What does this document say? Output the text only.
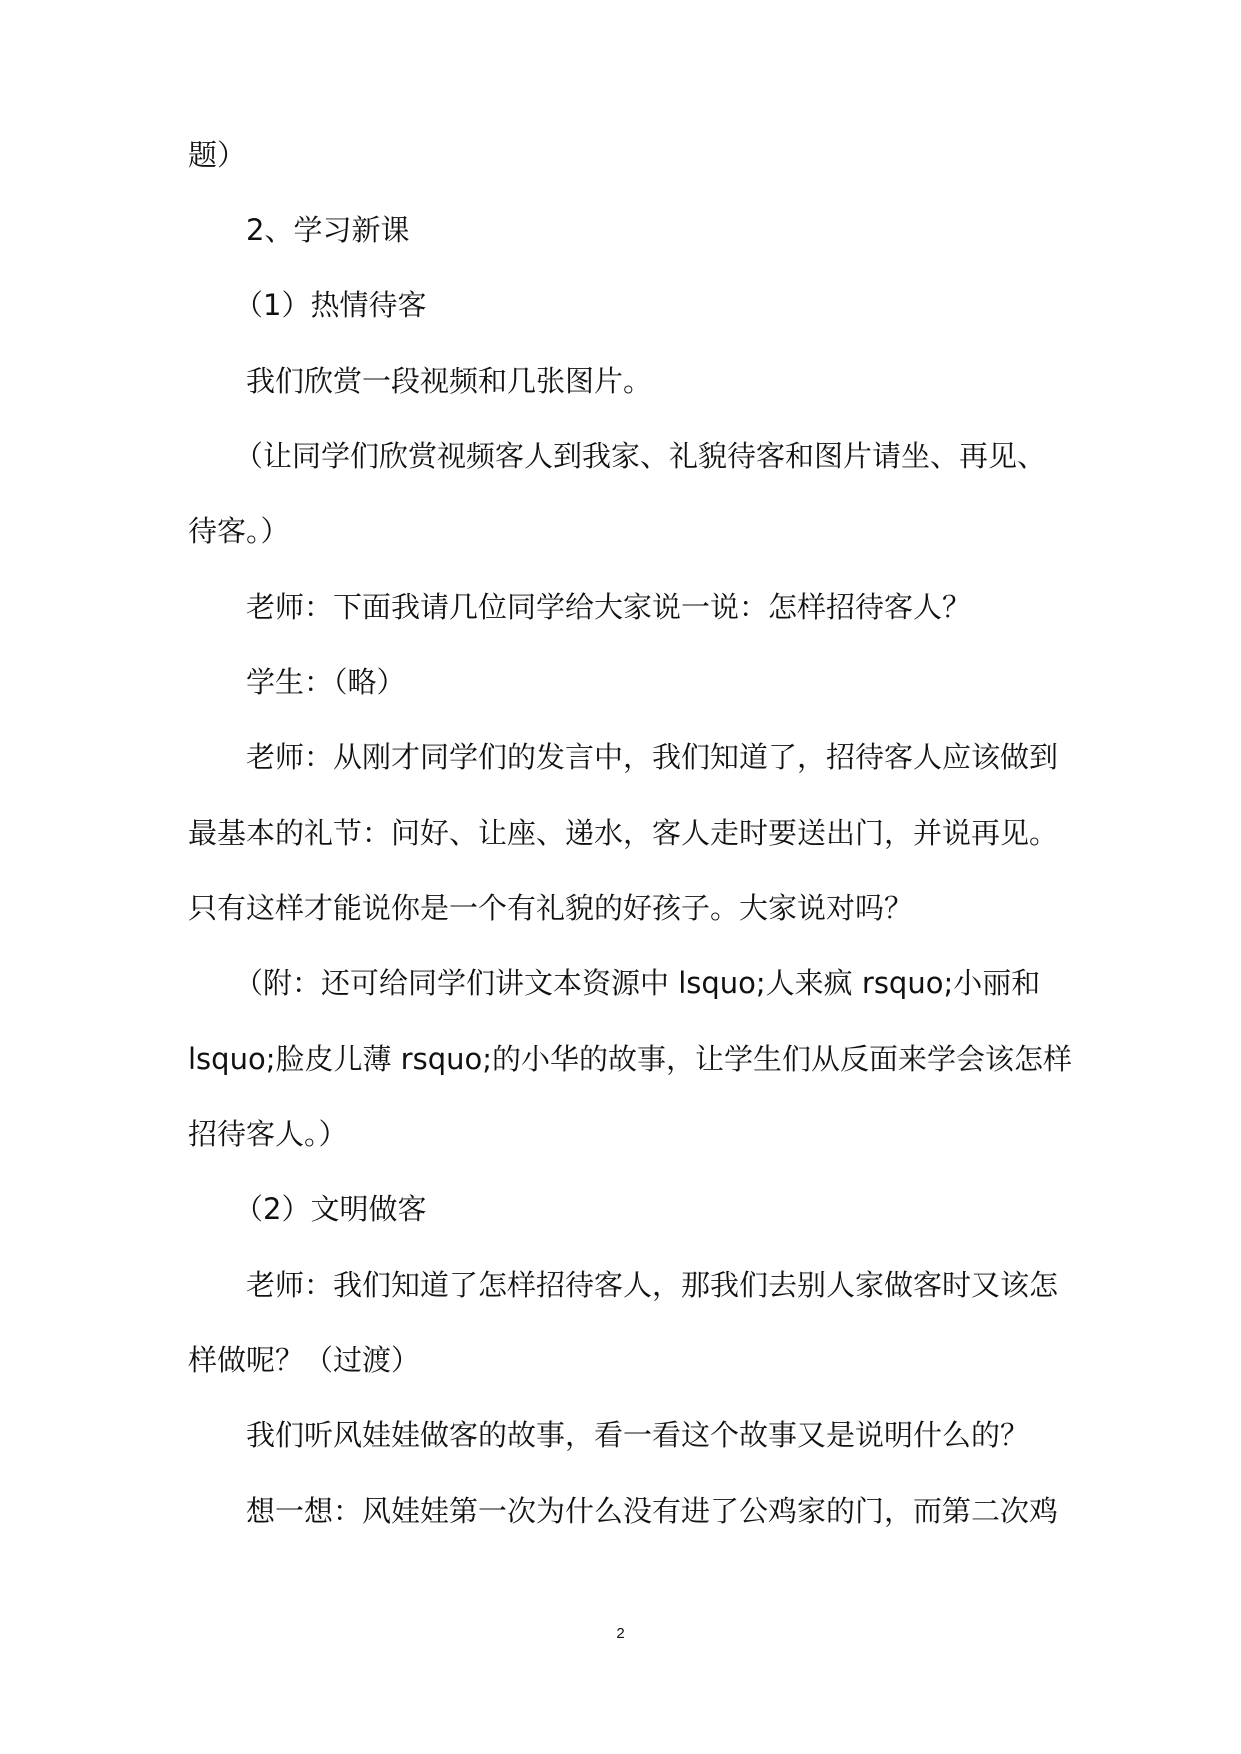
题）
2、学习新课
（1）热情待客
我们欣赏一段视频和几张图片。
（让同学们欣赏视频客人到我家、礼貌待客和图片请坐、再见、
待客。）
老师：下面我请几位同学给大家说一说：怎样招待客人？
学生：（略）
老师：从刚才同学们的发言中，我们知道了，招待客人应该做到
最基本的礼节：问好、让座、递水，客人走时要送出门，并说再见。
只有这样才能说你是一个有礼貌的好孩子。大家说对吗？
（附：还可给同学们讲文本资源中 lsquo;人来疯 rsquo;小丽和
lsquo;脸皮儿薄 rsquo;的小华的故事，让学生们从反面来学会该怎样
招待客人。）
（2）文明做客
老师：我们知道了怎样招待客人，那我们去别人家做客时又该怎
样做呢？（过渡）
我们听风娃娃做客的故事，看一看这个故事又是说明什么的？
想一想：风娃娃第一次为什么没有进了公鸡家的门，而第二次鸡
2
